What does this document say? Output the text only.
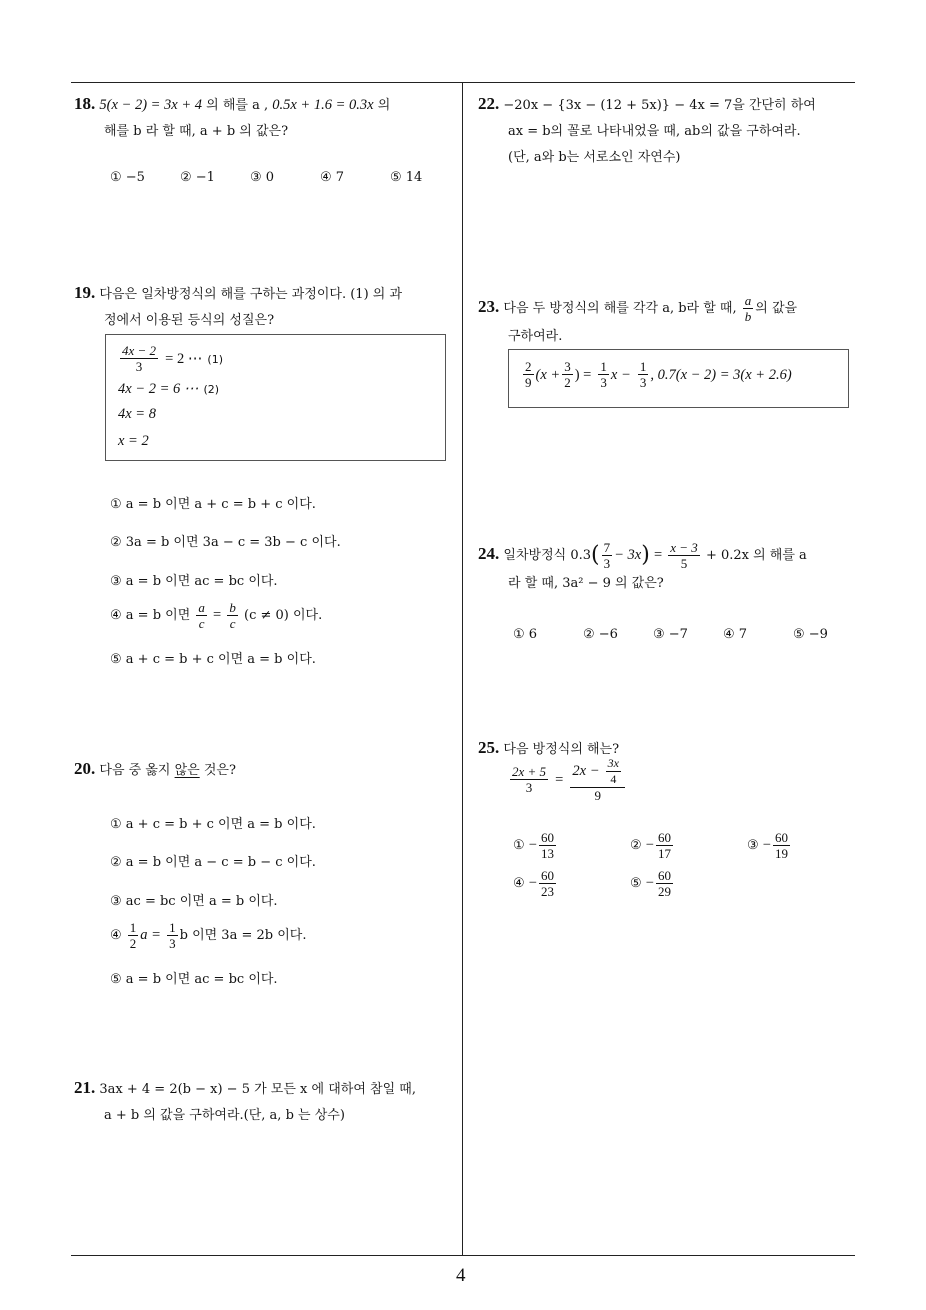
18. 5(x − 2) = 3x + 4 의 해를 a , 0.5x + 1.6 = 0.3x 의
해를 b 라 할 때, a + b 의 값은?
① −5	② −1	③ 0	④ 7	⑤ 14
19. 다음은 일차방정식의 해를 구하는 과정이다. (1) 의 과
정에서 이용된 등식의 성질은?
$\frac{4x - 2}{3} = 2$ ⋯ (1)
4x − 2 = 6 ⋯ (2)
4x = 8
x = 2
① a = b 이면 a + c = b + c 이다.
② 3a = b 이면 3a − c = 3b − c 이다.
③ a = b 이면 ac = bc 이다.
④ a = b 이면 $\frac{a}{c} = \frac{b}{c} (c \ne 0)$ 이다.
⑤ a + c = b + c 이면 a = b 이다.
20. 다음 중 옳지 않은 것은?
① a + c = b + c 이면 a = b 이다.
② a = b 이면 a − c = b − c 이다.
③ ac = bc 이면 a = b 이다.
④ $\frac{1}{2}$ $a = \frac{1}{3}$ b 이면 3a = 2b 이다.
⑤ a = b 이면 ac = bc 이다.
21. 3ax + 4 = 2(b − x) − 5 가 모든 x 에 대하여 참일 때,
a + b 의 값을 구하여라.(단, a, b 는 상수)
22. −20x − {3x − (12 + 5x)} − 4x = 7을 간단히 하여
ax = b의 꼴로 나타내었을 때, ab의 값을 구하여라.
(단, a와 b는 서로소인 자연수)
23. 다음 두 방정식의 해를 각각 a, b라 할 때, $\frac{a}{b}$ 의 값을
구하여라.
$\frac{2}{9} (x + \frac{3}{2}$ ) = $\frac{1}{3}$ $x - \frac{1}{3}$ , 0.7(x − 2) = 3(x + 2.6)
24. 일차방정식 $0.3( \frac{7}{3} - 3x) = \frac{x - 3}{5} + 0.2x$ 의 해를 a
라 할 때, 3a² − 9 의 값은?
① 6	② −6	③ −7	④ 7	⑤ −9
25. 다음 방정식의 해는?
$\frac{2x + 5}{3} = \frac{2x - \frac{3x}{4}}{9}$
① − $\frac{60}{13}$	② − $\frac{60}{17}$	③ − $\frac{60}{19}$
④ − $\frac{60}{23}$	⑤ − $\frac{60}{29}$
4
